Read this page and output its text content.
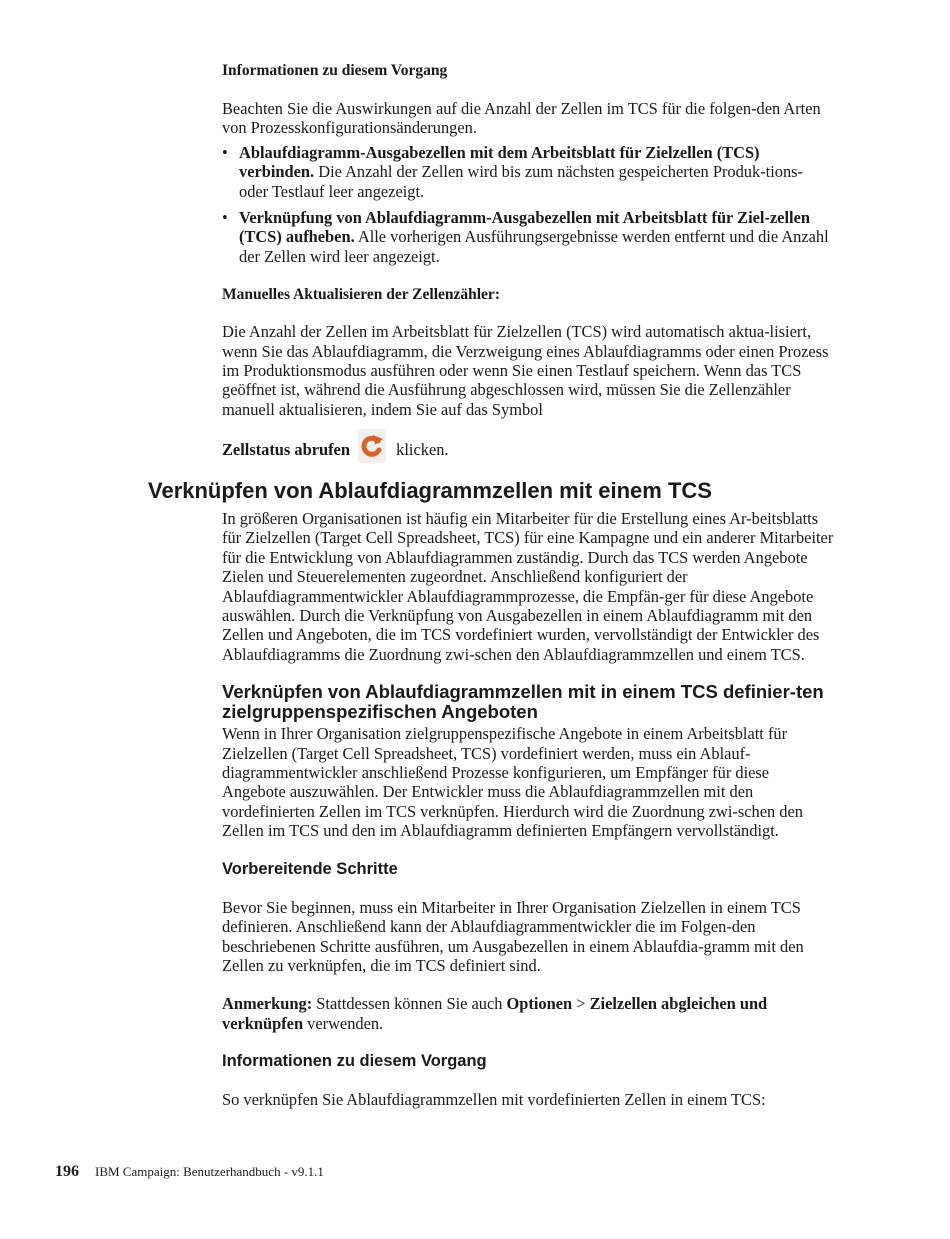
Informationen zu diesem Vorgang

Beachten Sie die Auswirkungen auf die Anzahl der Zellen im TCS für die folgen-den Arten von Prozesskonfigurationsänderungen.

• Ablaufdiagramm-Ausgabezellen mit dem Arbeitsblatt für Zielzellen (TCS) verbinden. Die Anzahl der Zellen wird bis zum nächsten gespeicherten Produk-tions- oder Testlauf leer angezeigt.
• Verknüpfung von Ablaufdiagramm-Ausgabezellen mit Arbeitsblatt für Ziel-zellen (TCS) aufheben. Alle vorherigen Ausführungsergebnisse werden entfernt und die Anzahl der Zellen wird leer angezeigt.

Manuelles Aktualisieren der Zellenzähler:

Die Anzahl der Zellen im Arbeitsblatt für Zielzellen (TCS) wird automatisch aktua-lisiert, wenn Sie das Ablaufdiagramm, die Verzweigung eines Ablaufdiagramms oder einen Prozess im Produktionsmodus ausführen oder wenn Sie einen Testlauf speichern. Wenn das TCS geöffnet ist, während die Ausführung abgeschlossen wird, müssen Sie die Zellenzähler manuell aktualisieren, indem Sie auf das Symbol

Zellstatus abrufen	klicken.

Verknüpfen von Ablaufdiagrammzellen mit einem TCS

In größeren Organisationen ist häufig ein Mitarbeiter für die Erstellung eines Ar-beitsblatts für Zielzellen (Target Cell Spreadsheet, TCS) für eine Kampagne und ein anderer Mitarbeiter für die Entwicklung von Ablaufdiagrammen zuständig. Durch das TCS werden Angebote Zielen und Steuerelementen zugeordnet. Anschließend konfiguriert der Ablaufdiagrammentwickler Ablaufdiagrammprozesse, die Empfän-ger für diese Angebote auswählen. Durch die Verknüpfung von Ausgabezellen in einem Ablaufdiagramm mit den Zellen und Angeboten, die im TCS vordefiniert wurden, vervollständigt der Entwickler des Ablaufdiagramms die Zuordnung zwi-schen den Ablaufdiagrammzellen und einem TCS.

Verknüpfen von Ablaufdiagrammzellen mit in einem TCS definier-ten zielgruppenspezifischen Angeboten

Wenn in Ihrer Organisation zielgruppenspezifische Angebote in einem Arbeitsblatt für Zielzellen (Target Cell Spreadsheet, TCS) vordefiniert werden, muss ein Ablauf-diagrammentwickler anschließend Prozesse konfigurieren, um Empfänger für diese Angebote auszuwählen. Der Entwickler muss die Ablaufdiagrammzellen mit den vordefinierten Zellen im TCS verknüpfen. Hierdurch wird die Zuordnung zwi-schen den Zellen im TCS und den im Ablaufdiagramm definierten Empfängern vervollständigt.

Vorbereitende Schritte

Bevor Sie beginnen, muss ein Mitarbeiter in Ihrer Organisation Zielzellen in einem TCS definieren. Anschließend kann der Ablaufdiagrammentwickler die im Folgen-den beschriebenen Schritte ausführen, um Ausgabezellen in einem Ablaufdia-gramm mit den Zellen zu verknüpfen, die im TCS definiert sind.

Anmerkung: Stattdessen können Sie auch Optionen > Zielzellen abgleichen und verknüpfen verwenden.

Informationen zu diesem Vorgang

So verknüpfen Sie Ablaufdiagrammzellen mit vordefinierten Zellen in einem TCS:

196 IBM Campaign: Benutzerhandbuch - v9.1.1
